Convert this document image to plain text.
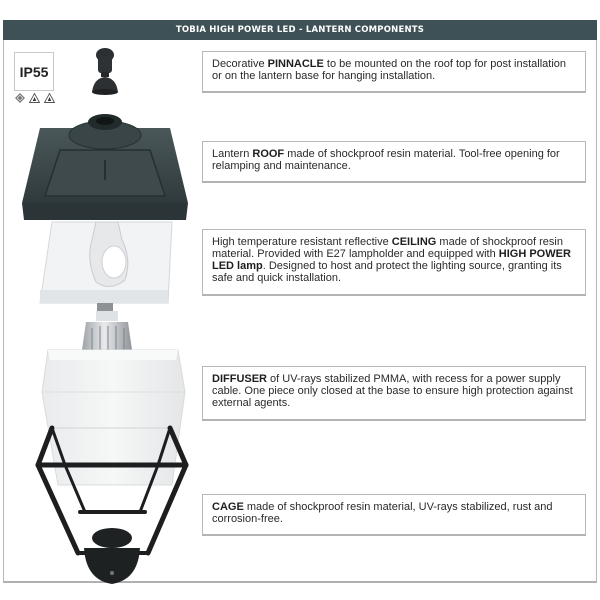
TOBIA HIGH POWER LED - LANTERN COMPONENTS
IP55	Decorative PINNACLE to be mounted on the roof top for post installation or on the lantern base for hanging installation.
Lantern ROOF made of shockproof resin material. Tool-free opening for relamping and maintenance.
High temperature resistant reflective CEILING made of shockproof resin material. Provided with E27 lampholder and equipped with HIGH POWER LED lamp. Designed to host and protect the lighting source, granting its safe and quick installation.
DIFFUSER of UV-rays stabilized PMMA, with recess for a power supply cable. One piece only closed at the base to ensure high protection against external agents.
CAGE made of shockproof resin material, UV-rays stabilized, rust and corrosion-free.
